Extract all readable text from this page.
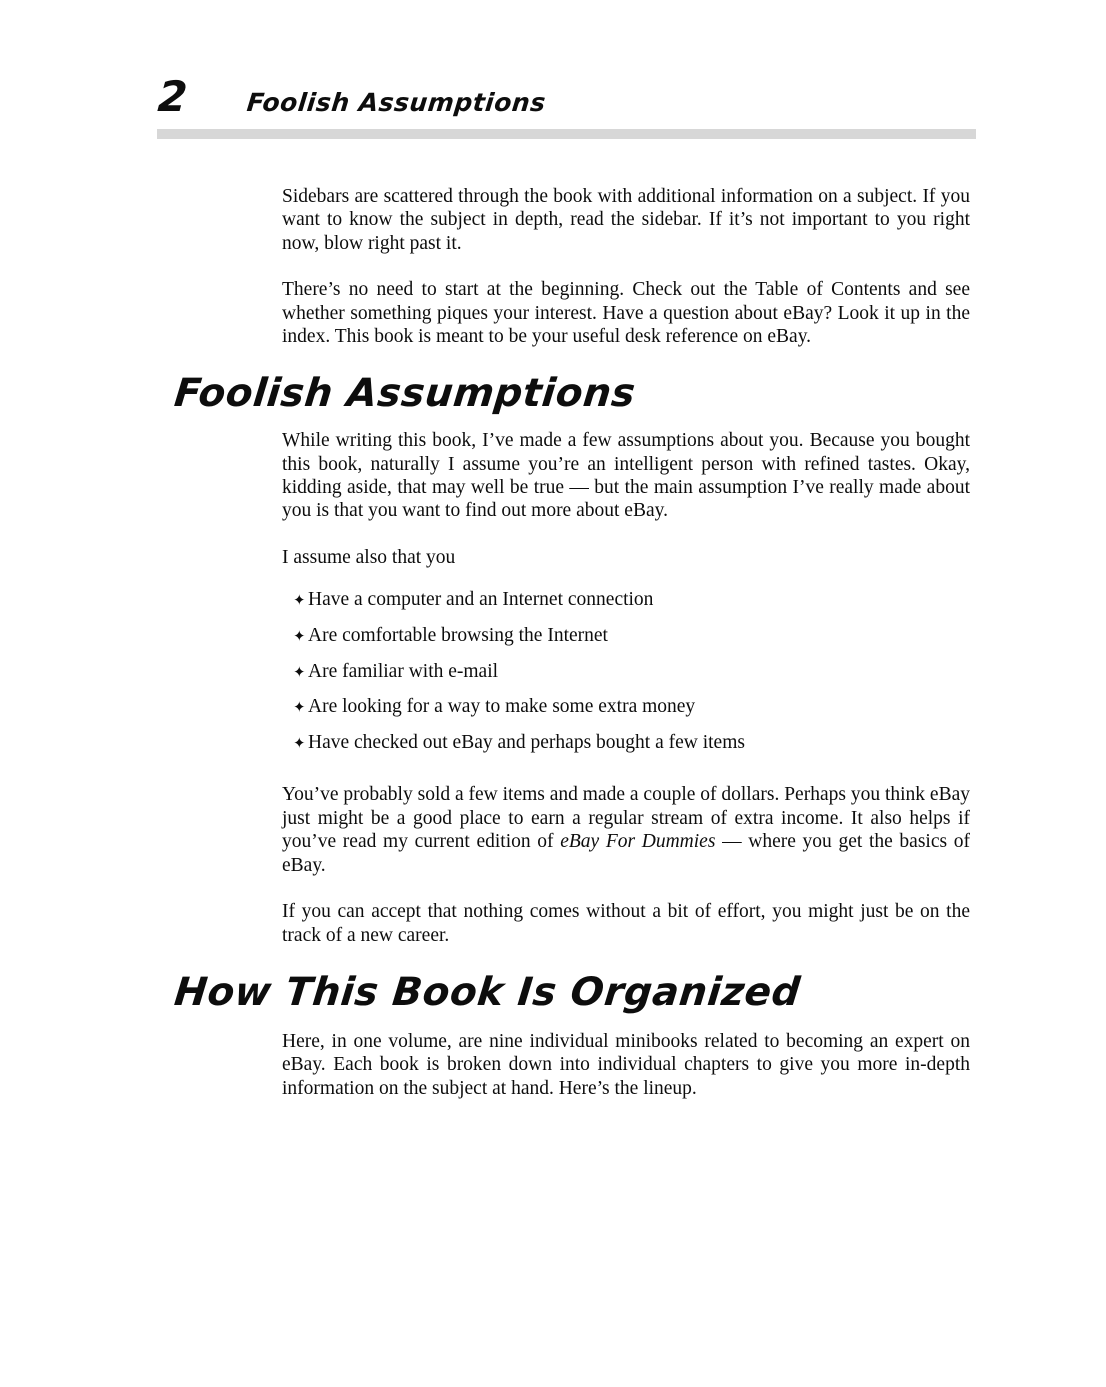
2 Foolish Assumptions

Sidebars are scattered through the book with additional information on a subject. If you want to know the subject in depth, read the sidebar. If it’s not important to you right now, blow right past it.

There’s no need to start at the beginning. Check out the Table of Contents and see whether something piques your interest. Have a question about eBay? Look it up in the index. This book is meant to be your useful desk reference on eBay.

Foolish Assumptions

While writing this book, I’ve made a few assumptions about you. Because you bought this book, naturally I assume you’re an intelligent person with refined tastes. Okay, kidding aside, that may well be true — but the main assumption I’ve really made about you is that you want to find out more about eBay.

I assume also that you

✦ Have a computer and an Internet connection
✦ Are comfortable browsing the Internet
✦ Are familiar with e-mail
✦ Are looking for a way to make some extra money
✦ Have checked out eBay and perhaps bought a few items

You’ve probably sold a few items and made a couple of dollars. Perhaps you think eBay just might be a good place to earn a regular stream of extra income. It also helps if you’ve read my current edition of eBay For Dummies — where you get the basics of eBay.

If you can accept that nothing comes without a bit of effort, you might just be on the track of a new career.

How This Book Is Organized

Here, in one volume, are nine individual minibooks related to becoming an expert on eBay. Each book is broken down into individual chapters to give you more in-depth information on the subject at hand. Here’s the lineup.
